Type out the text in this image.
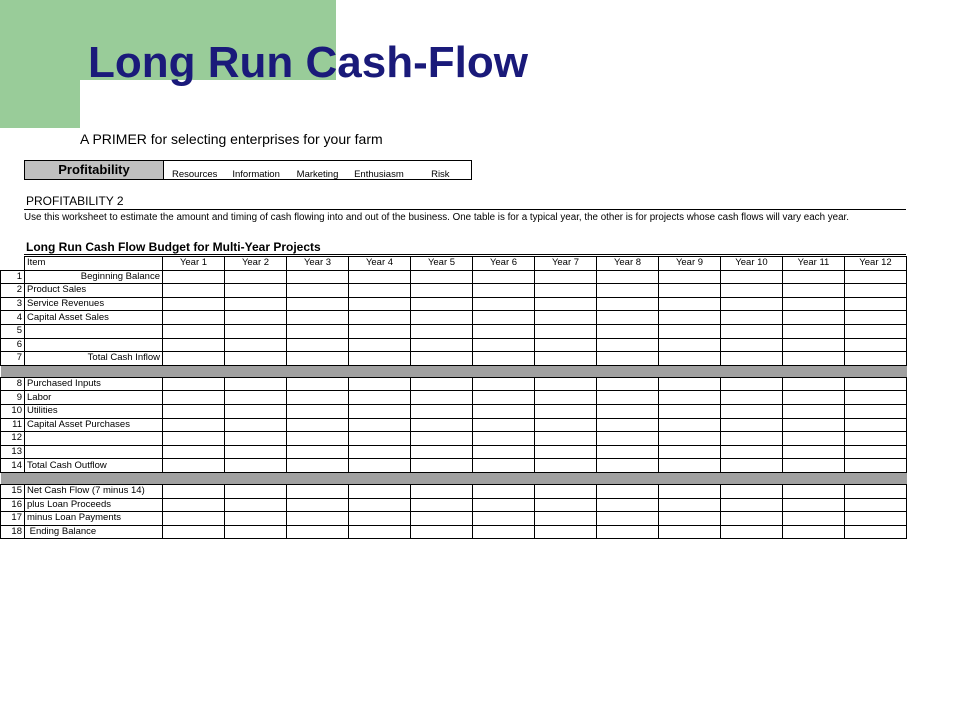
Long Run Cash-Flow
A PRIMER for selecting enterprises for your farm
Profitability	Resources	Information	Marketing	Enthusiasm	Risk
PROFITABILITY 2
Use this worksheet to estimate the amount and timing of cash flowing into and out of the business. One table is for a typical year, the other is for projects whose cash flows will vary each year.
Long Run Cash Flow Budget for Multi-Year Projects
	Item	Year 1	Year 2	Year 3	Year 4	Year 5	Year 6	Year 7	Year 8	Year 9	Year 10	Year 11	Year 12
1	Beginning Balance												
2	Product Sales												
3	Service Revenues												
4	Capital Asset Sales												
5													
6													
7	Total Cash Inflow												

8	Purchased Inputs												
9	Labor												
10	Utilities												
11	Capital Asset Purchases												
12													
13													
14	Total Cash Outflow												

15	Net Cash Flow (7 minus 14)												
16	plus Loan Proceeds												
17	minus Loan Payments												
18	Ending Balance												
